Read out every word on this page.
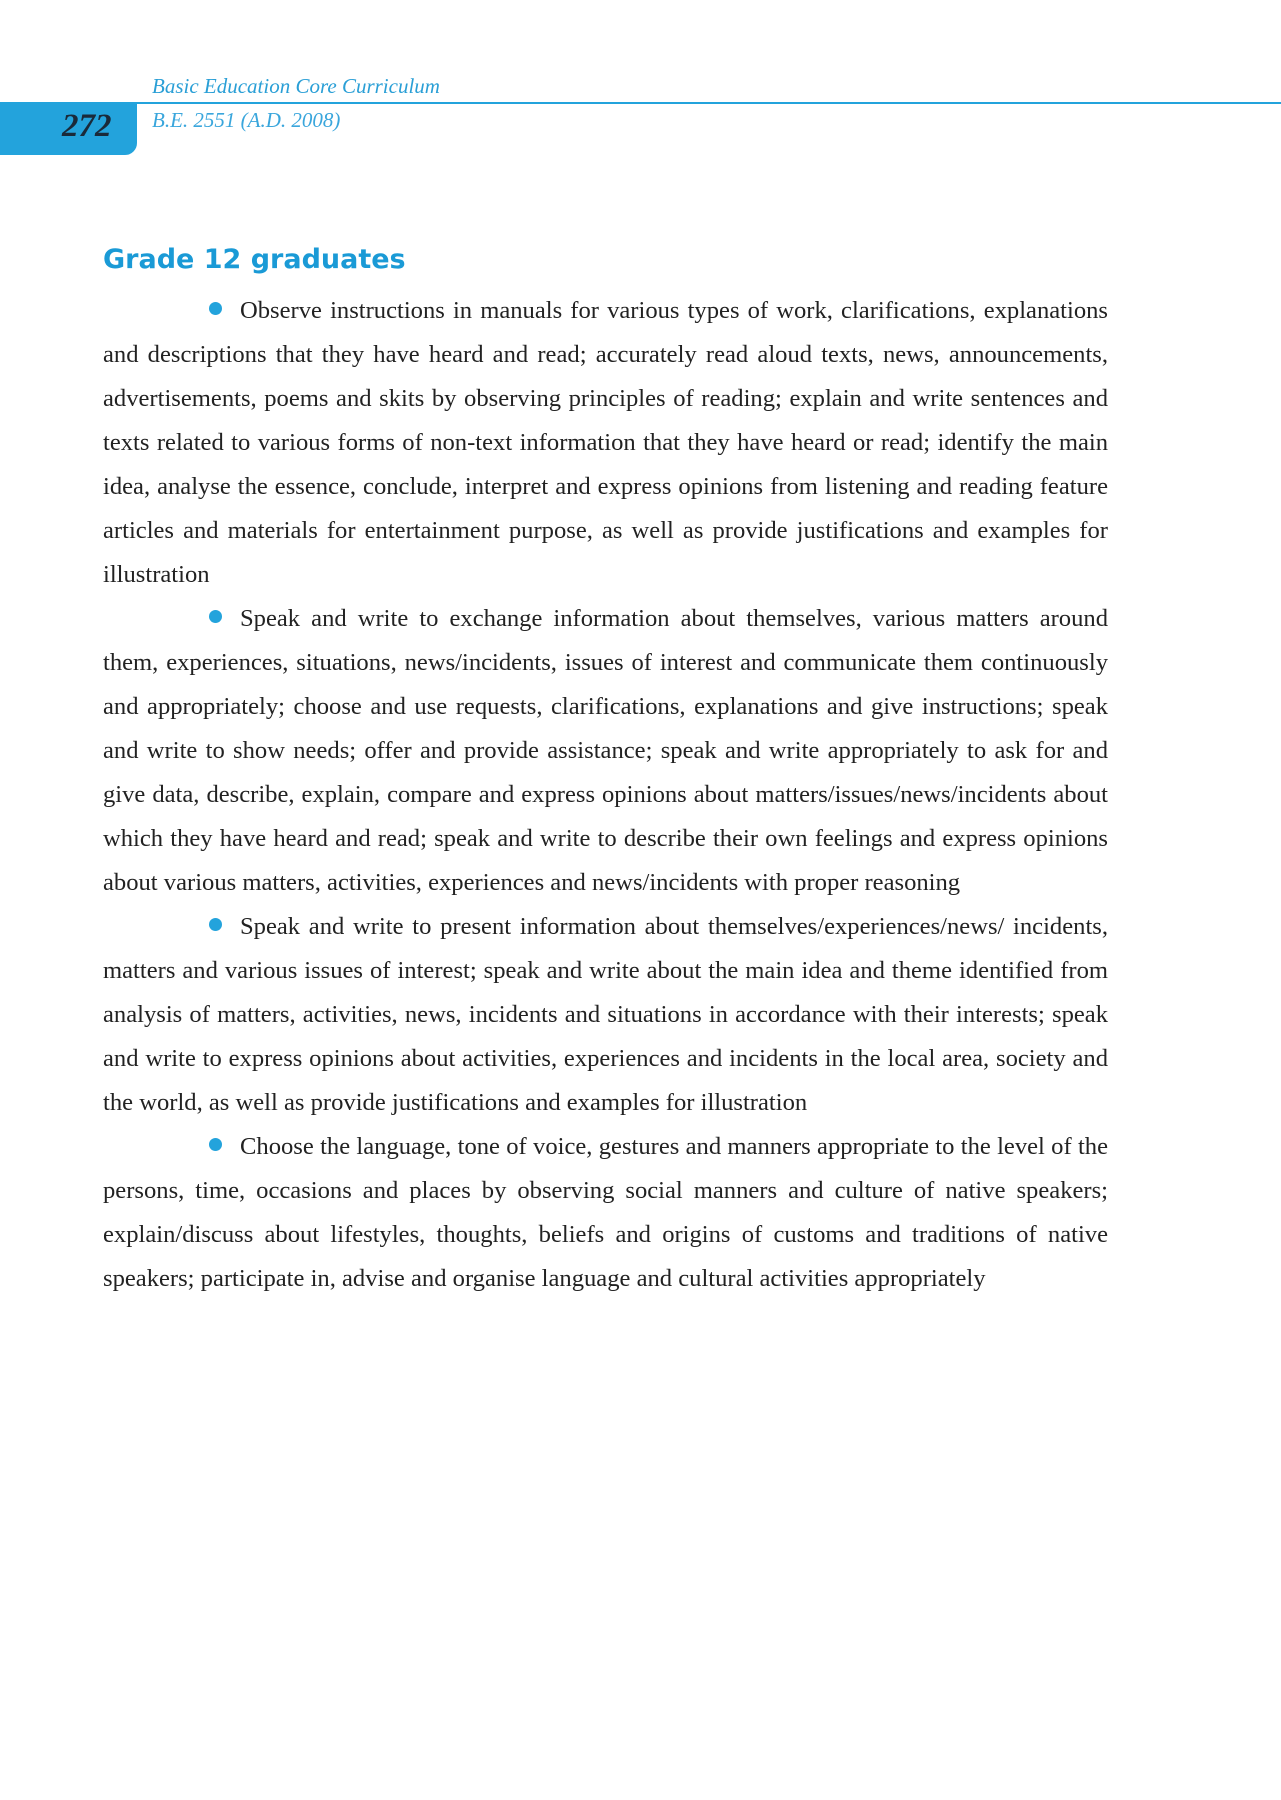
272
Basic Education Core Curriculum
B.E. 2551 (A.D. 2008)
Grade 12 graduates

Observe instructions in manuals for various types of work, clarifications, explanations and descriptions that they have heard and read; accurately read aloud texts, news, announcements, advertisements, poems and skits by observing principles of reading; explain and write sentences and texts related to various forms of non-text information that they have heard or read; identify the main idea, analyse the essence, conclude, interpret and express opinions from listening and reading feature articles and materials for entertainment purpose, as well as provide justifications and examples for illustration

Speak and write to exchange information about themselves, various matters around them, experiences, situations, news/incidents, issues of interest and communicate them continuously and appropriately; choose and use requests, clarifications, explanations and give instructions; speak and write to show needs; offer and provide assistance; speak and write appropriately to ask for and give data, describe, explain, compare and express opinions about matters/issues/news/incidents about which they have heard and read; speak and write to describe their own feelings and express opinions about various matters, activities, experiences and news/incidents with proper reasoning

Speak and write to present information about themselves/experiences/news/ incidents, matters and various issues of interest; speak and write about the main idea and theme identified from analysis of matters, activities, news, incidents and situations in accordance with their interests; speak and write to express opinions about activities, experiences and incidents in the local area, society and the world, as well as provide justifications and examples for illustration

Choose the language, tone of voice, gestures and manners appropriate to the level of the persons, time, occasions and places by observing social manners and culture of native speakers; explain/discuss about lifestyles, thoughts, beliefs and origins of customs and traditions of native speakers; participate in, advise and organise language and cultural activities appropriately
